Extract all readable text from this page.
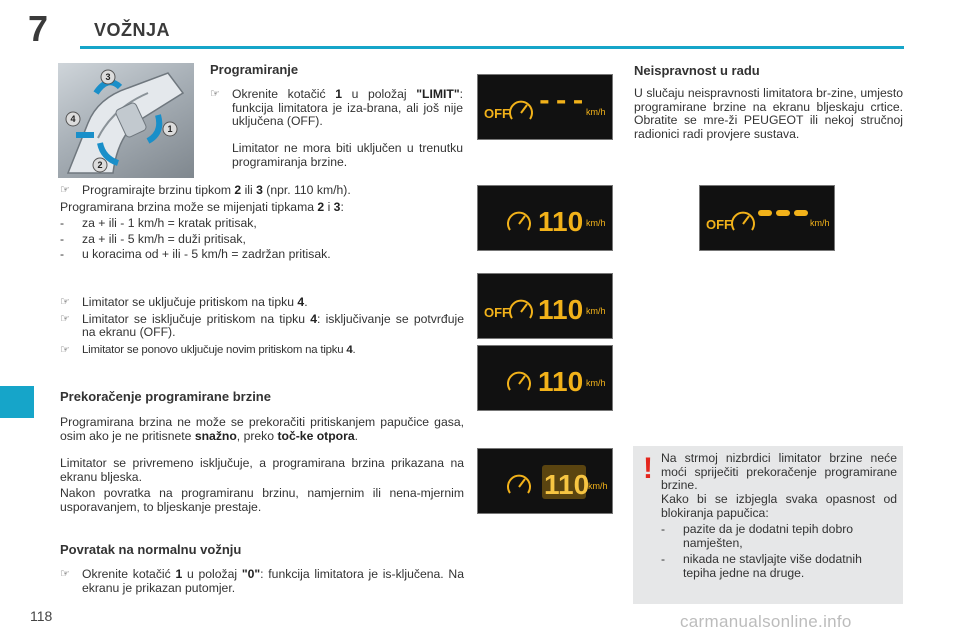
7	VOŽNJA
3
4
1
2
Programiranje
☞ Okrenite kotačić 1 u položaj "LIMIT": funkcija limitatora je iza-brana, ali još nije uključena (OFF).
Limitator ne mora biti uključen u trenutku programiranja brzine.
☞ Programirajte brzinu tipkom 2 ili 3 (npr. 110 km/h).
Programirana brzina može se mijenjati tipkama 2 i 3:
-	za + ili - 1 km/h = kratak pritisak,
-	za + ili - 5 km/h = duži pritisak,
-	u koracima od + ili - 5 km/h = zadržan pritisak.
☞ Limitator se uključuje pritiskom na tipku 4.
☞ Limitator se isključuje pritiskom na tipku 4: isključivanje se potvrđuje na ekranu (OFF).
☞	Limitator se ponovo uključuje novim pritiskom na tipku 4.
Prekoračenje programirane brzine
Programirana brzina ne može se prekoračiti pritiskanjem papučice gasa, osim ako je ne pritisnete snažno, preko toč-ke otpora.
Limitator se privremeno isključuje, a programirana brzina prikazana na ekranu bljeska.
Nakon povratka na programiranu brzinu, namjernim ili nena-mjernim usporavanjem, to bljeskanje prestaje.
Povratak na normalnu vožnju
☞ Okrenite kotačić 1 u položaj "0": funkcija limitatora je is-ključena. Na ekranu je prikazan putomjer.
OFF --- km/h
110 km/h
OFF 110 km/h
110 km/h
110
km/h
Neispravnost u radu
U slučaju neispravnosti limitatora br-zine, umjesto programirane brzine na ekranu bljeskaju crtice. Obratite se mre-ži PEUGEOT ili nekoj stručnoj radionici radi provjere sustava.
OFF	km/h
! Na strmoj nizbrdici limitator brzine neće moći spriječiti prekoračenje programirane brzine.
Kako bi se izbjegla svaka opasnost od blokiranja papučica:
-	pazite da je dodatni tepih dobro namješten,
-	nikada ne stavljajte više dodatnih tepiha jedne na druge.
118	carmanualsonline.info
